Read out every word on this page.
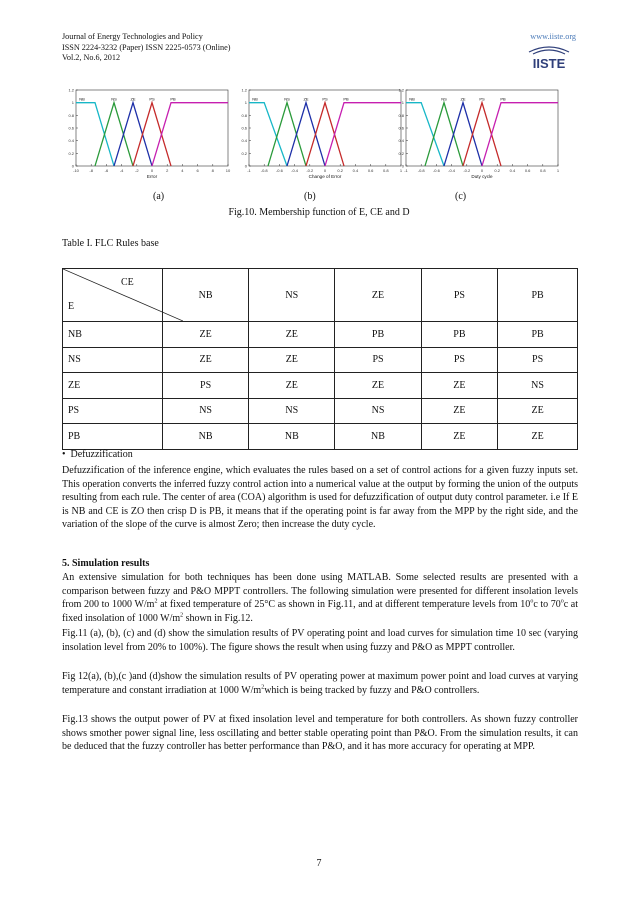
Journal of Energy Technologies and Policy
ISSN 2224-3232 (Paper) ISSN 2225-0573 (Online)
Vol.2, No.6, 2012
www.iiste.org
IISTE
0
0.2
0.4
0.6
0.8
1
1.2
-10	-8	-6	-4	-2	0	2	4	6	8	10
Error
NB	NS	ZE	PS	PB
0
0.2
0.4
0.6
0.8
1
1.2
-1 -0.8 -0.6 -0.4 -0.2	0	0.2 0.4 0.6 0.8	1
Change of Error
NB	NS	ZE	PS	PB
0
0.2
0.4
0.6
0.8
1
1.2
-1 -0.8 -0.6 -0.4 -0.2	0	0.2 0.4 0.6 0.8	1
Duty cycle
NB	NS	ZE	PS	PB
(a)	(b)	(c)
Fig.10. Membership function of E, CE and D
Table I. FLC Rules base
CE
E	NB	NS	ZE	PS	PB
NB	ZE	ZE	PB	PB	PB
NS	ZE	ZE	PS	PS	PS
ZE	PS	ZE	ZE	ZE	NS
PS	NS	NS	NS	ZE	ZE
PB	NB	NB	NB	ZE	ZE
• Defuzzification

Defuzzification of the inference engine, which evaluates the rules based on a set of control actions for a given fuzzy inputs set. This operation converts the inferred fuzzy control action into a numerical value at the output by forming the union of the outputs resulting from each rule. The center of area (COA) algorithm is used for defuzzification of output duty control parameter. i.e If E is NB and CE is ZO then crisp D is PB, it means that if the operating point is far away from the MPP by the right side, and the variation of the slope of the curve is almost Zero; then increase the duty cycle.

5. Simulation results

An extensive simulation for both techniques has been done using MATLAB. Some selected results are presented with a comparison between fuzzy and P&O MPPT controllers. The following simulation were presented for different insolation levels from 200 to 1000 $W/m^2$ at fixed temperature of 25°C as shown in Fig.11, and at different temperature levels from 10$^o$c to 70$^o$c at fixed insolation of 1000 $W/m^2$ shown in Fig.12.

Fig.11 (a), (b), (c) and (d) show the simulation results of PV operating point and load curves for simulation time 10 sec (varying insolation level from 20% to 100%). The figure shows the result when using fuzzy and P&O as MPPT controller.

Fig 12(a), (b),(c )and (d)show the simulation results of PV operating power at maximum power point and load curves at varying temperature and constant irradiation at 1000 $W/m^2which$ is being tracked by fuzzy and P&O controllers.

Fig.13 shows the output power of PV at fixed insolation level and temperature for both controllers. As shown fuzzy controller shows smother power signal line, less oscillating and better stable operating point than P&O. From the simulation results, it can be deduced that the fuzzy controller has better performance than P&O, and it has more accuracy for operating at MPP.

7
